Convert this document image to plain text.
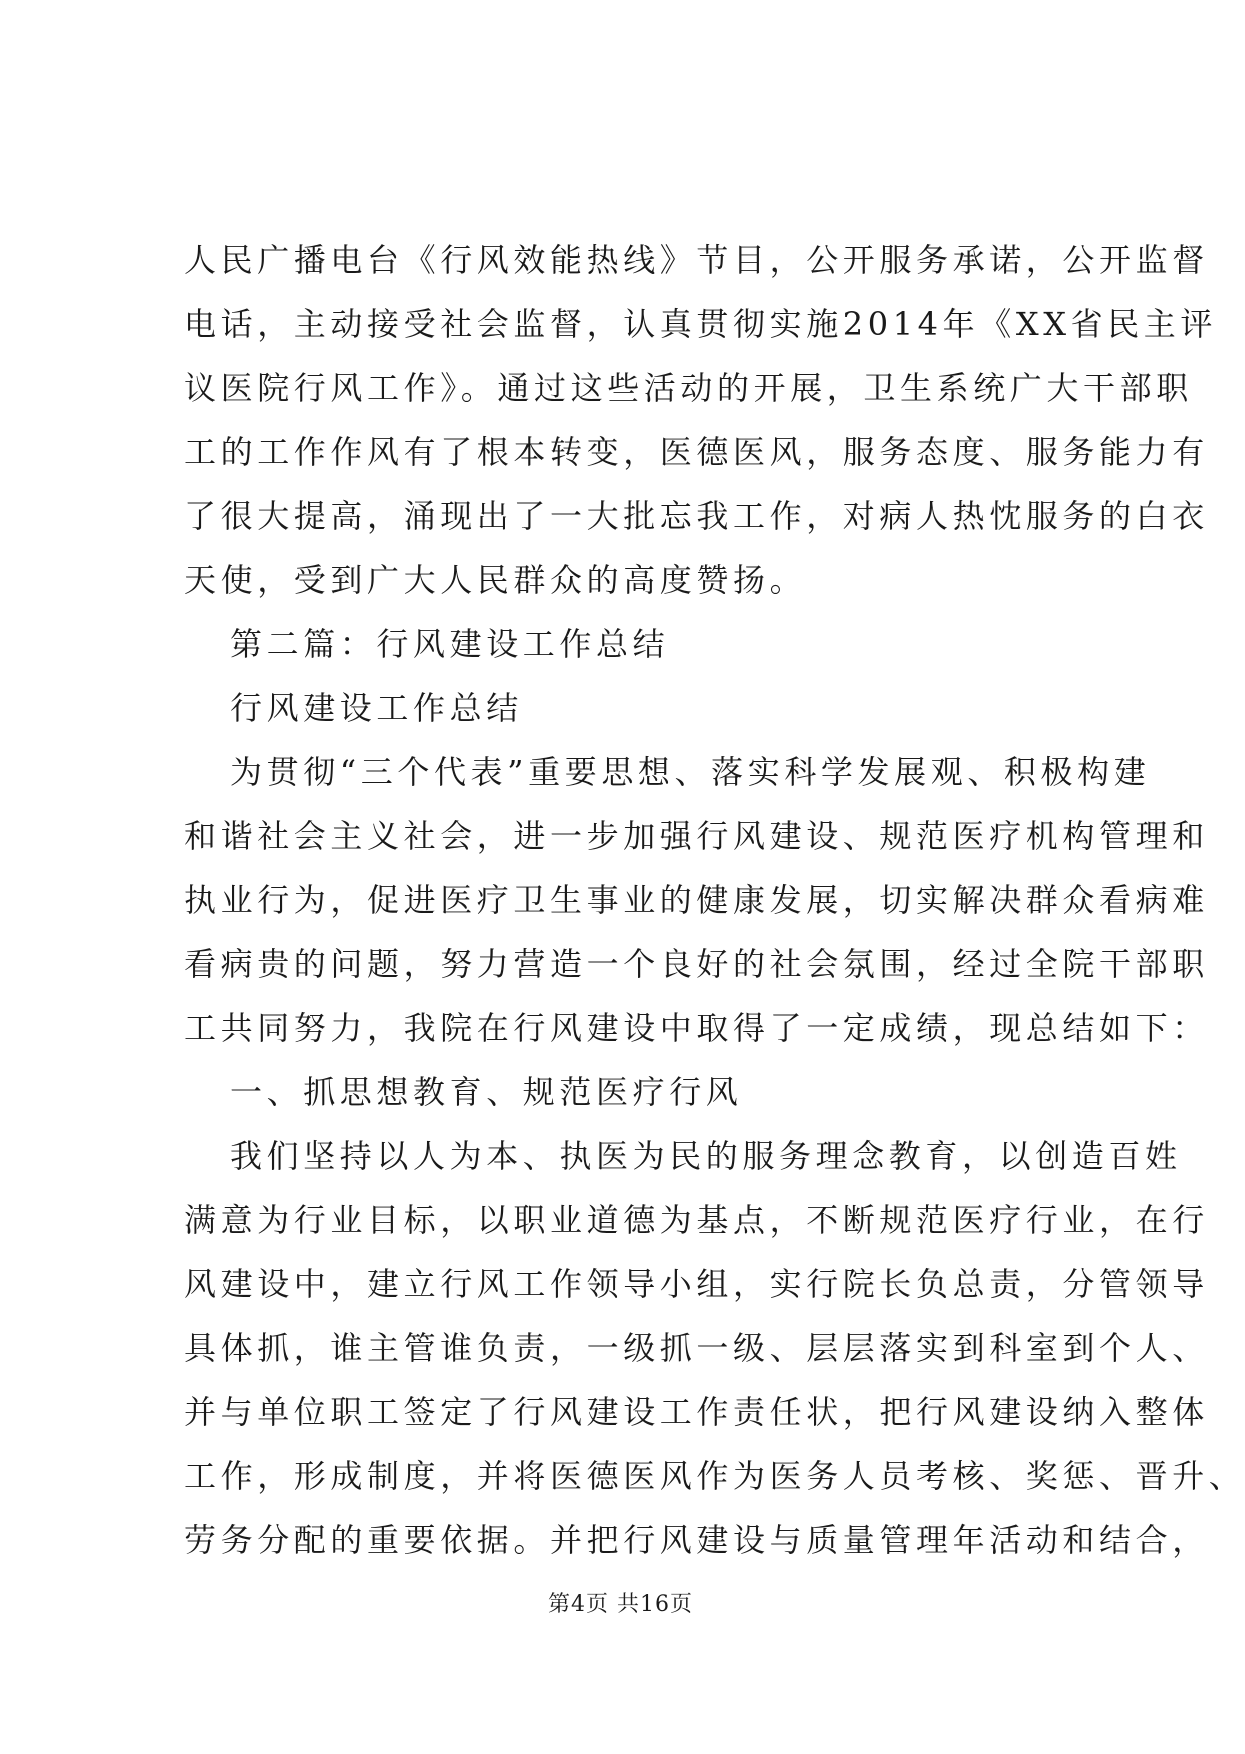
人民广播电台《行风效能热线》节目，公开服务承诺，公开监督
电话，主动接受社会监督，认真贯彻实施2014年《XX省民主评
议医院行风工作》。通过这些活动的开展，卫生系统广大干部职
工的工作作风有了根本转变，医德医风，服务态度、服务能力有
了很大提高，涌现出了一大批忘我工作，对病人热忱服务的白衣
天使，受到广大人民群众的高度赞扬。
第二篇：行风建设工作总结
行风建设工作总结
为贯彻“三个代表”重要思想、落实科学发展观、积极构建
和谐社会主义社会，进一步加强行风建设、规范医疗机构管理和
执业行为，促进医疗卫生事业的健康发展，切实解决群众看病难
看病贵的问题，努力营造一个良好的社会氛围，经过全院干部职
工共同努力，我院在行风建设中取得了一定成绩，现总结如下：
一、抓思想教育、规范医疗行风
我们坚持以人为本、执医为民的服务理念教育，以创造百姓
满意为行业目标，以职业道德为基点，不断规范医疗行业，在行
风建设中，建立行风工作领导小组，实行院长负总责，分管领导
具体抓，谁主管谁负责，一级抓一级、层层落实到科室到个人、
并与单位职工签定了行风建设工作责任状，把行风建设纳入整体
工作，形成制度，并将医德医风作为医务人员考核、奖惩、晋升、
劳务分配的重要依据。并把行风建设与质量管理年活动和结合，
第4页 共16页
